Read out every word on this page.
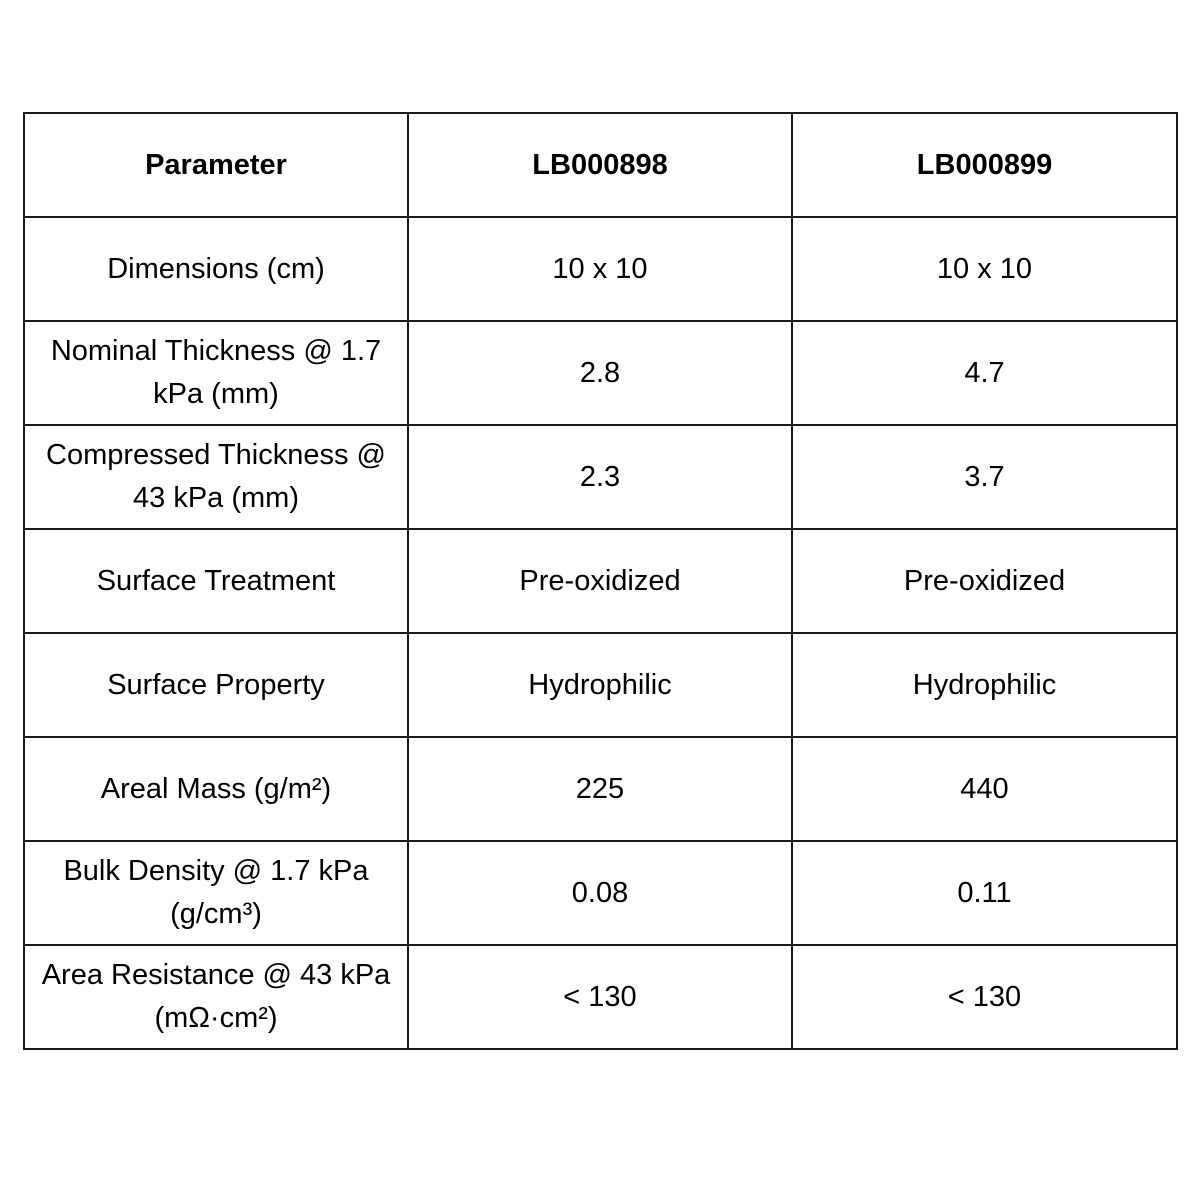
Parameter	LB000898	LB000899
Dimensions (cm)	10 x 10	10 x 10
Nominal Thickness @ 1.7 kPa (mm)	2.8	4.7
Compressed Thickness @ 43 kPa (mm)	2.3	3.7
Surface Treatment	Pre-oxidized	Pre-oxidized
Surface Property	Hydrophilic	Hydrophilic
Areal Mass (g/m²)	225	440
Bulk Density @ 1.7 kPa (g/cm³)	0.08	0.11
Area Resistance @ 43 kPa (mΩ·cm²)	< 130	< 130
